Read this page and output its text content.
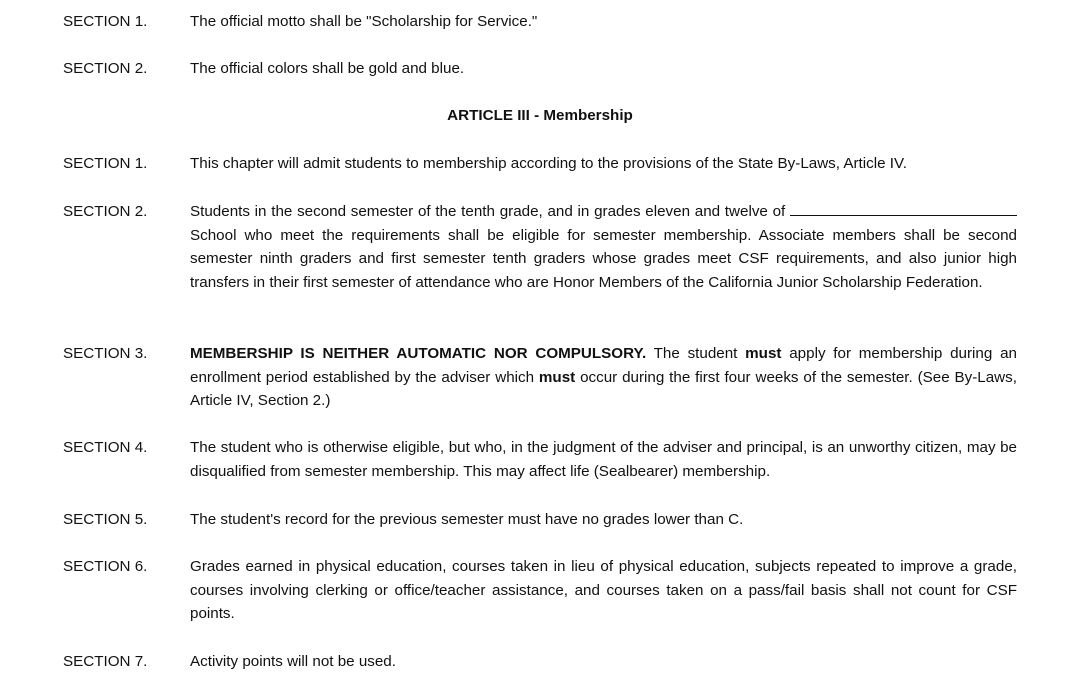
SECTION 1.	The official motto shall be "Scholarship for Service."
SECTION 2.	The official colors shall be gold and blue.
ARTICLE III - Membership
SECTION 1.	This chapter will admit students to membership according to the provisions of the State By-Laws, Article IV.
SECTION 2.	Students in the second semester of the tenth grade, and in grades eleven and twelve of  School who meet the requirements shall be eligible for semester membership. Associate members shall be second semester ninth graders and first semester tenth graders whose grades meet CSF requirements, and also junior high transfers in their first semester of attendance who are Honor Members of the California Junior Scholarship Federation.
SECTION 3.	MEMBERSHIP IS NEITHER AUTOMATIC NOR COMPULSORY. The student must apply for membership during an enrollment period established by the adviser which must occur during the first four weeks of the semester. (See By-Laws, Article IV, Section 2.)
SECTION 4.	The student who is otherwise eligible, but who, in the judgment of the adviser and principal, is an unworthy citizen, may be disqualified from semester membership. This may affect life (Sealbearer) membership.
SECTION 5.	The student's record for the previous semester must have no grades lower than C.
SECTION 6.	Grades earned in physical education, courses taken in lieu of physical education, subjects repeated to improve a grade, courses involving clerking or office/teacher assistance, and courses taken on a pass/fail basis shall not count for CSF points.
SECTION 7.	Activity points will not be used.
